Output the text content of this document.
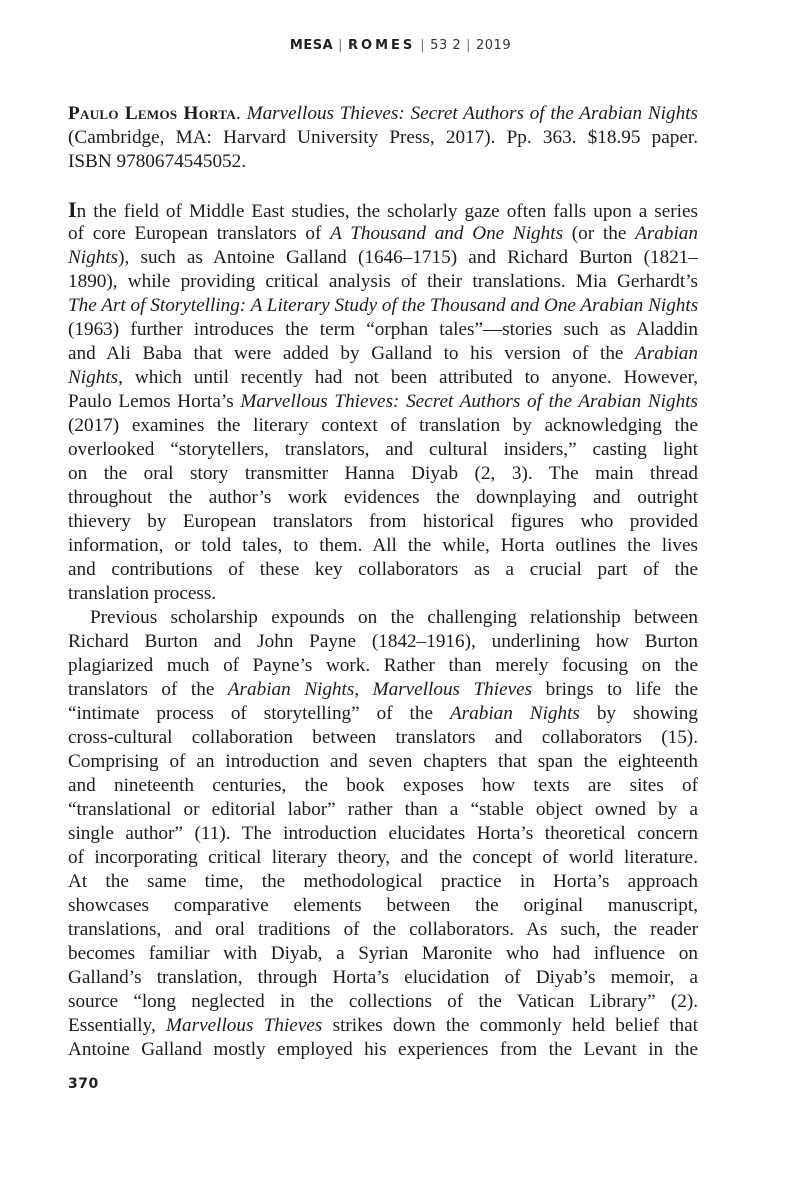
MESA | ROMES | 53 2 | 2019
Paulo Lemos Horta. Marvellous Thieves: Secret Authors of the Arabian Nights
(Cambridge, MA: Harvard University Press, 2017). Pp. 363. $18.95 paper.
ISBN 9780674545052.
In the field of Middle East studies, the scholarly gaze often falls upon a series
of core European translators of A Thousand and One Nights (or the Arabian
Nights), such as Antoine Galland (1646–1715) and Richard Burton (1821–
1890), while providing critical analysis of their translations. Mia Gerhardt’s
The Art of Storytelling: A Literary Study of the Thousand and One Arabian Nights
(1963) further introduces the term “orphan tales”—stories such as Aladdin
and Ali Baba that were added by Galland to his version of the Arabian
Nights, which until recently had not been attributed to anyone. However,
Paulo Lemos Horta’s Marvellous Thieves: Secret Authors of the Arabian Nights
(2017) examines the literary context of translation by acknowledging the
overlooked “storytellers, translators, and cultural insiders,” casting light
on the oral story transmitter Hanna Diyab (2, 3). The main thread
throughout the author’s work evidences the downplaying and outright
thievery by European translators from historical figures who provided
information, or told tales, to them. All the while, Horta outlines the lives
and contributions of these key collaborators as a crucial part of the
translation process.
Previous scholarship expounds on the challenging relationship between
Richard Burton and John Payne (1842–1916), underlining how Burton
plagiarized much of Payne’s work. Rather than merely focusing on the
translators of the Arabian Nights, Marvellous Thieves brings to life the
“intimate process of storytelling” of the Arabian Nights by showing
cross-cultural collaboration between translators and collaborators (15).
Comprising of an introduction and seven chapters that span the eighteenth
and nineteenth centuries, the book exposes how texts are sites of
“translational or editorial labor” rather than a “stable object owned by a
single author” (11). The introduction elucidates Horta’s theoretical concern
of incorporating critical literary theory, and the concept of world literature.
At the same time, the methodological practice in Horta’s approach
showcases comparative elements between the original manuscript,
translations, and oral traditions of the collaborators. As such, the reader
becomes familiar with Diyab, a Syrian Maronite who had influence on
Galland’s translation, through Horta’s elucidation of Diyab’s memoir, a
source “long neglected in the collections of the Vatican Library” (2).
Essentially, Marvellous Thieves strikes down the commonly held belief that
Antoine Galland mostly employed his experiences from the Levant in the
370
